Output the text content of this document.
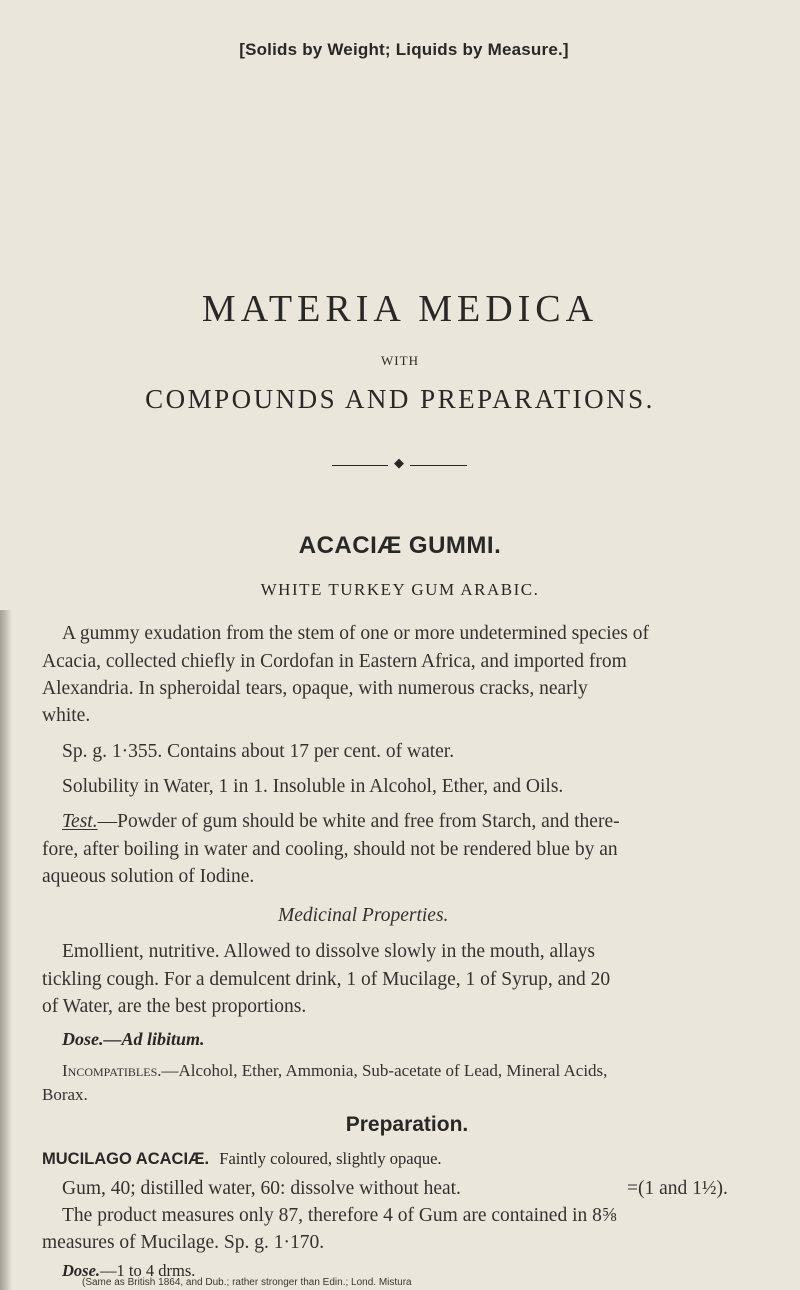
[Solids by Weight; Liquids by Measure.]
MATERIA MEDICA
WITH
COMPOUNDS AND PREPARATIONS.
◆
ACACIÆ GUMMI.
WHITE TURKEY GUM ARABIC.
A gummy exudation from the stem of one or more undetermined species of
Acacia, collected chiefly in Cordofan in Eastern Africa, and imported from
Alexandria. In spheroidal tears, opaque, with numerous cracks, nearly
white.
Sp. g. 1·355. Contains about 17 per cent. of water.
Solubility in Water, 1 in 1. Insoluble in Alcohol, Ether, and Oils.
Test.—Powder of gum should be white and free from Starch, and there-
fore, after boiling in water and cooling, should not be rendered blue by an
aqueous solution of Iodine.
Medicinal Properties.
Emollient, nutritive. Allowed to dissolve slowly in the mouth, allays
tickling cough. For a demulcent drink, 1 of Mucilage, 1 of Syrup, and 20
of Water, are the best proportions.
Dose.—Ad libitum.
Incompatibles.—Alcohol, Ether, Ammonia, Sub-acetate of Lead, Mineral Acids,
Borax.
Preparation.
MUCILAGO ACACIÆ. Faintly coloured, slightly opaque.
Gum, 40; distilled water, 60: dissolve without heat.	=(1 and 1½).
The product measures only 87, therefore 4 of Gum are contained in 8⅝
measures of Mucilage. Sp. g. 1·170.
Dose.—1 to 4 drms.
(Same as British 1864, and Dub.; rather stronger than Edin.; Lond. Mistura
